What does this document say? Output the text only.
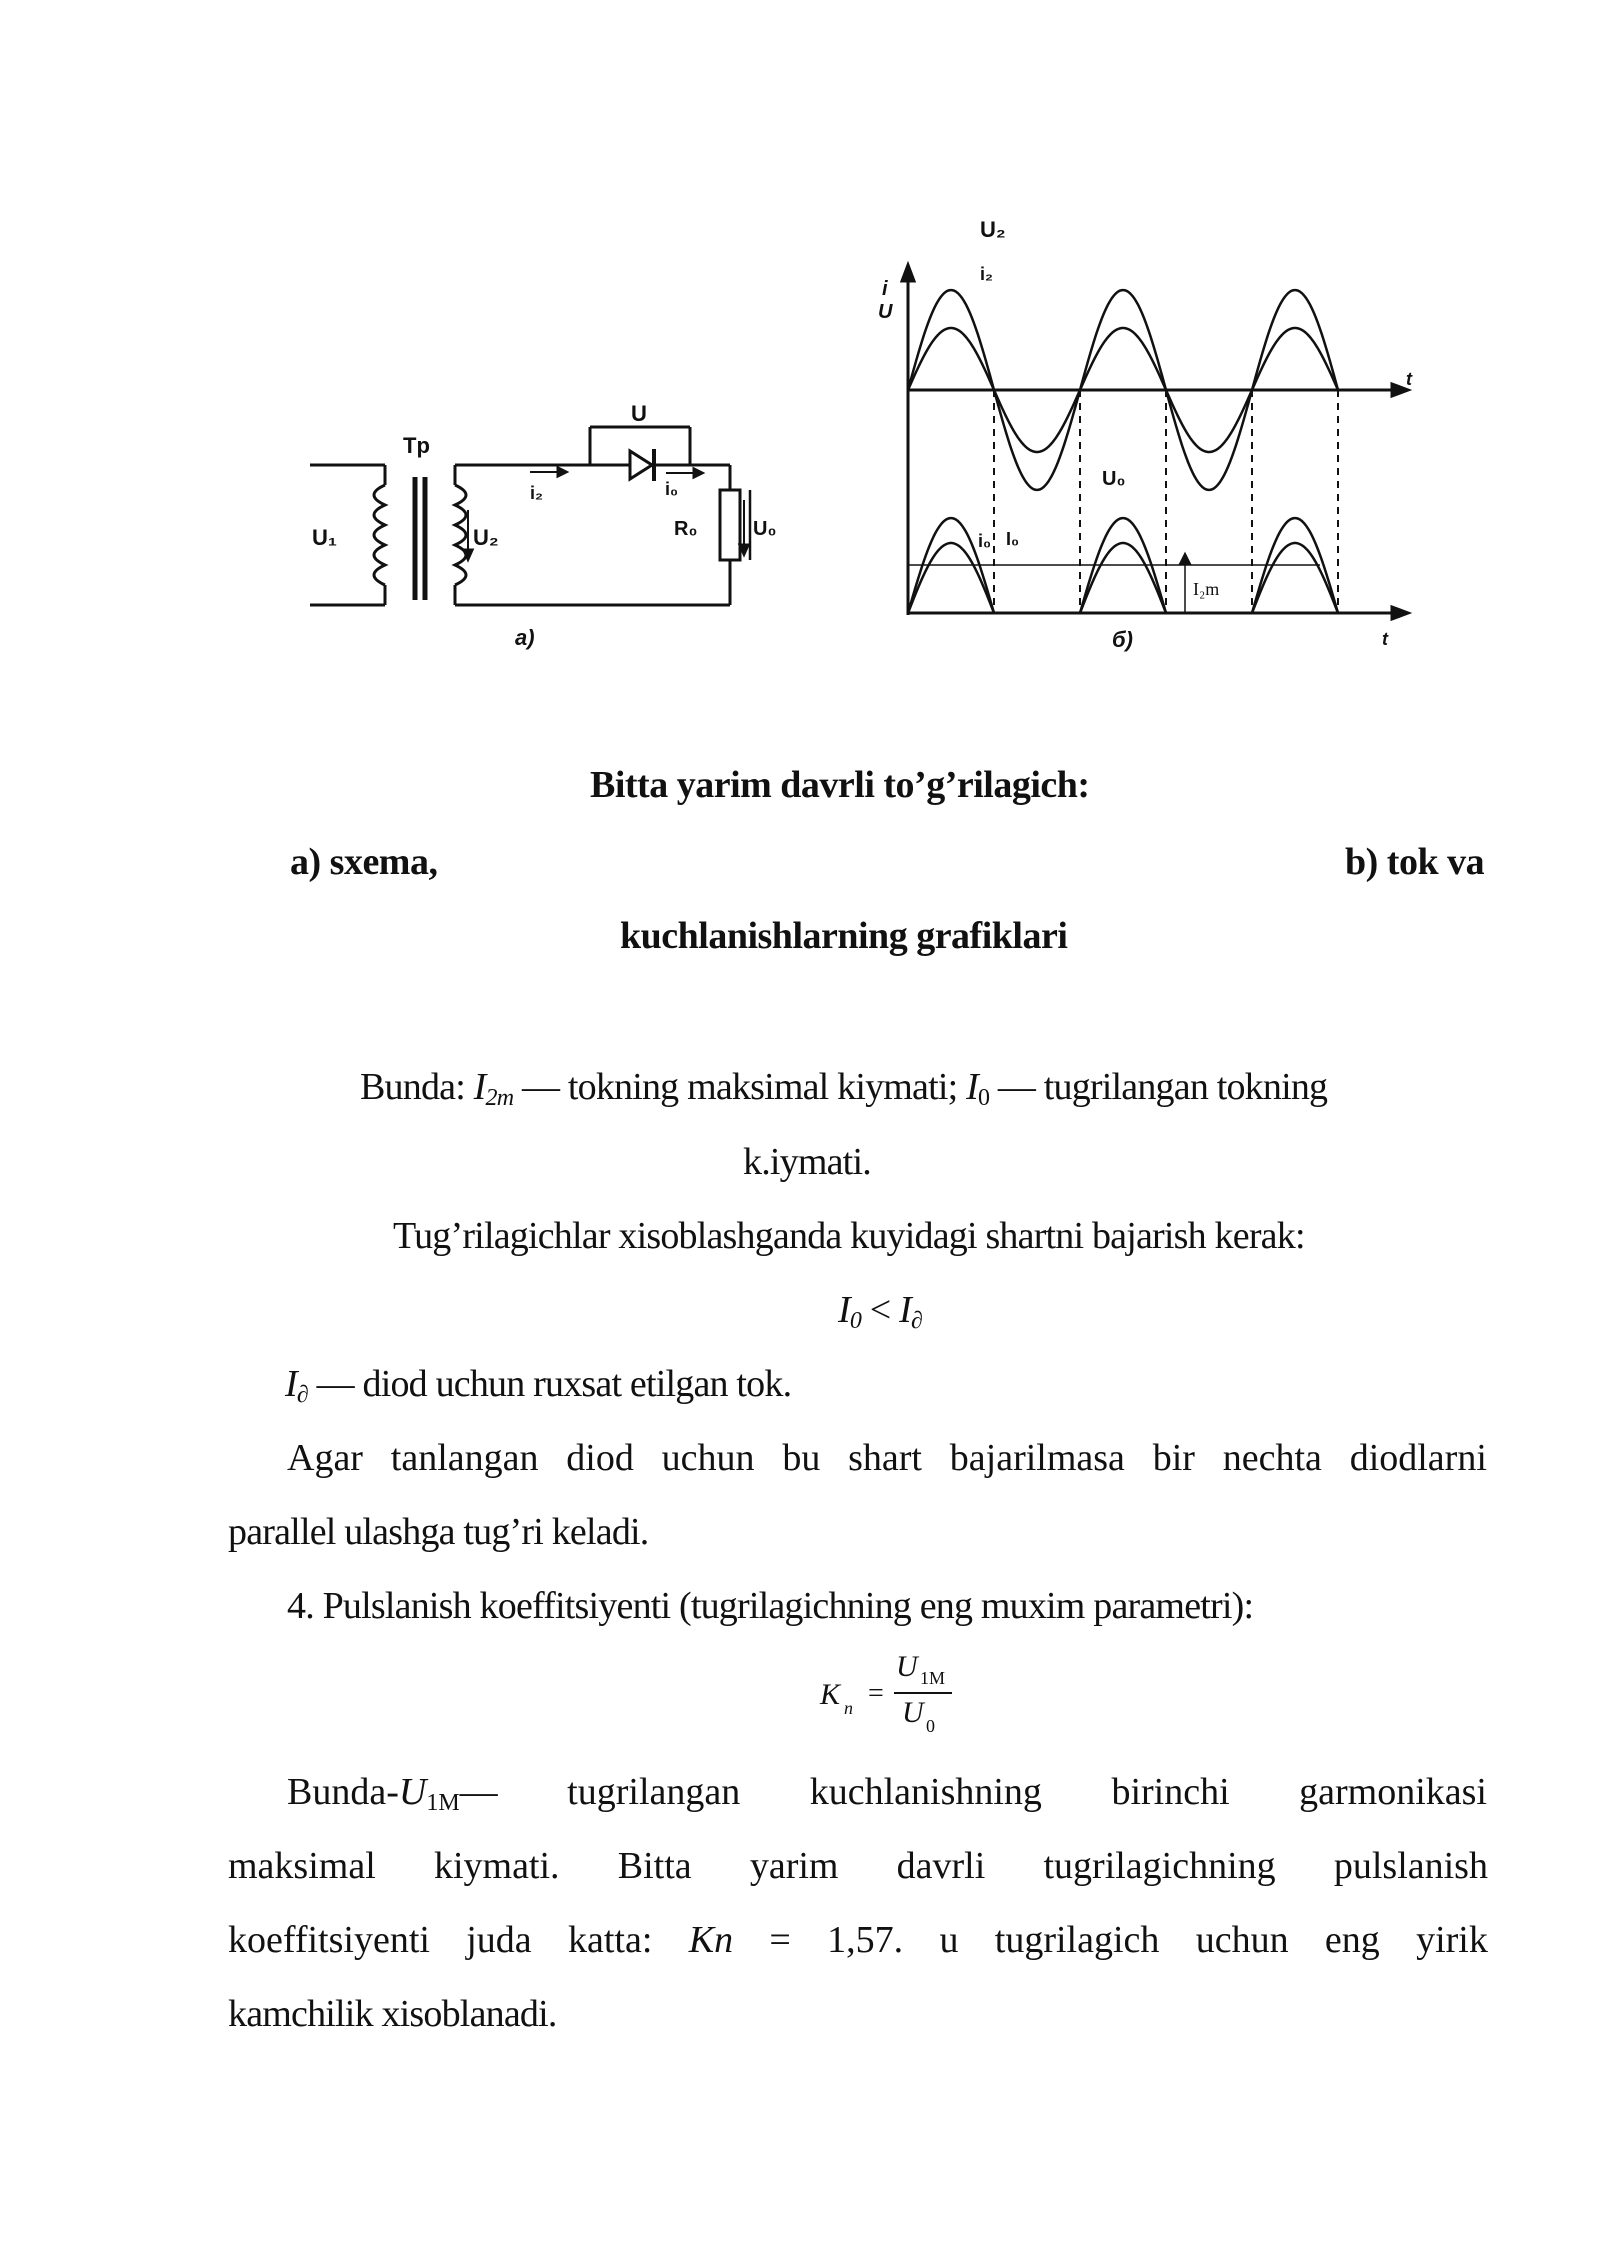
Tp
U₁	U₂
U
i₂	i₀
R₀	U₀
a)
U₂
i₂
i
U
t
t
U₀
i₀ I₀
I₂m
б)
Bitta yarim davrli to’g’rilagich:
a) sxema,	b) tok va
kuchlanishlarning grafiklari
Bunda: $I_{2m}$ — tokning maksimal kiymati; $I_0$ — tugrilangan tokning
k.iymati.
Tug’rilagichlar xisoblashganda kuyidagi shartni bajarish kerak:
$I_0 < I_\partial$
$I_\partial$ — diod uchun ruxsat etilgan tok.
Agar tanlangan diod uchun bu shart bajarilmasa bir nechta diodlarni
parallel ulashga tug’ri keladi.
4. Pulslanish koeffitsiyenti (tugrilagichning eng muxim parametri):
K n =
U 1M
U 0
Bunda-$U_{1M}—$ tugrilangan kuchlanishning birinchi garmonikasi
maksimal kiymati. Bitta yarim davrli tugrilagichning pulslanish
koeffitsiyenti juda katta: Kn = 1,57. u tugrilagich uchun eng yirik
kamchilik xisoblanadi.
